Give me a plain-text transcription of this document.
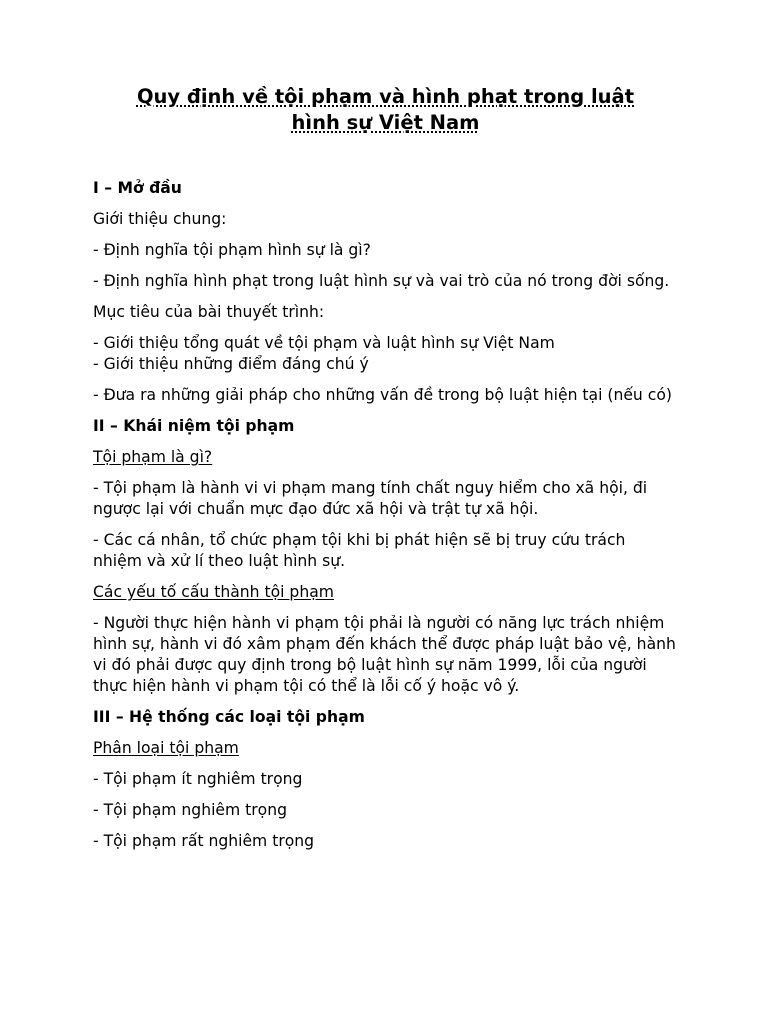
Quy định về tội phạm và hình phạt trong luật
hình sự Việt Nam

I – Mở đầu

Giới thiệu chung:

- Định nghĩa tội phạm hình sự là gì?

- Định nghĩa hình phạt trong luật hình sự và vai trò của nó trong đời sống.

Mục tiêu của bài thuyết trình:

- Giới thiệu tổng quát về tội phạm và luật hình sự Việt Nam

- Giới thiệu những điểm đáng chú ý

- Đưa ra những giải pháp cho những vấn đề trong bộ luật hiện tại (nếu có)

II – Khái niệm tội phạm

Tội phạm là gì?

- Tội phạm là hành vi vi phạm mang tính chất nguy hiểm cho xã hội, đi ngược lại với chuẩn mực đạo đức xã hội và trật tự xã hội.

- Các cá nhân, tổ chức phạm tội khi bị phát hiện sẽ bị truy cứu trách nhiệm và xử lí theo luật hình sự.

Các yếu tố cấu thành tội phạm

- Người thực hiện hành vi phạm tội phải là người có năng lực trách nhiệm hình sự, hành vi đó xâm phạm đến khách thể được pháp luật bảo vệ, hành vi đó phải được quy định trong bộ luật hình sự năm 1999, lỗi của người thực hiện hành vi phạm tội có thể là lỗi cố ý hoặc vô ý.

III – Hệ thống các loại tội phạm

Phân loại tội phạm

- Tội phạm ít nghiêm trọng

- Tội phạm nghiêm trọng

- Tội phạm rất nghiêm trọng
